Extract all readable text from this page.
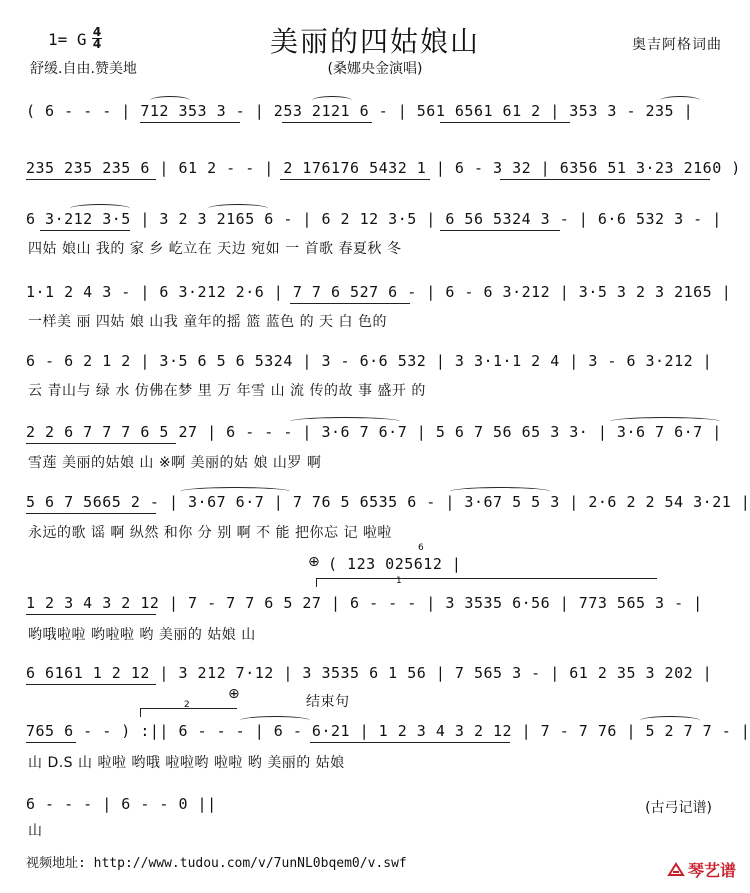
美丽的四姑娘山
1= G 4
4
舒缓.自由.赞美地	(桑娜央金演唱)
奥吉阿格词曲
( 6 - - - | 712 353 3 - | 253 2121 6 - | 561 6561 61 2 | 353 3 - 235 |
235 235 235 6 | 61 2 - - | 2 176176 5432 1 | 6 - 3 32 | 6356 51 3·23 2160 )
6 3·212 3·5 | 3 2 3 2165 6 - | 6 2 12 3·5 | 6 56 5324 3 - | 6·6 532 3 - |
四姑 娘山 我的 家 乡 屹立在 天边 宛如 一 首歌 春夏秋 冬
1·1 2 4 3 - | 6 3·212 2·6 | 7 7 6 527 6 - | 6 - 6 3·212 | 3·5 3 2 3 2165 |
一样美 丽 四姑 娘 山我 童年的摇 篮 蓝色 的 天 白 色的
6 - 6 2 1 2 | 3·5 6 5 6 5324 | 3 - 6·6 532 | 3 3·1·1 2 4 | 3 - 6 3·212 |
云 青山与 绿 水 仿佛在梦 里 万 年雪 山 流 传的故 事 盛开 的
2 2 6 7 7 7 6 5 27 | 6 - - - | 3·6 7 6·7 | 5 6 7 56 65 3 3· | 3·6 7 6·7 |
雪莲 美丽的姑娘 山 ※啊 美丽的姑 娘 山罗 啊
5 6 7 5665 2 - | 3·67 6·7 | 7 76 5 6535 6 - | 3·67 5 5 3 | 2·6 2 2 54 3·21 |
永远的歌 谣 啊 纵然 和你 分 别 啊 不 能 把你忘 记 啦啦
⊕ ( 123 025612 |
6
1
1 2 3 4 3 2 12 | 7 - 7 7 6 5 27 | 6 - - - | 3 3535 6·56 | 773 565 3 - |
哟哦啦啦 哟啦啦 哟 美丽的 姑娘 山
6 6161 1 2 12 | 3 212 7·12 | 3 3535 6 1 56 | 7 565 3 - | 61 2 35 3 202 |
⊕	结束句
2
765 6 - - ) :|| 6 - - - | 6 - 6·21 | 1 2 3 4 3 2 12 | 7 - 7 76 | 5 2 7 7 - |
山 D.S 山 啦啦 哟哦 啦啦哟 啦啦 哟 美丽的 姑娘
6 - - - | 6 - - 0 ||
山
(古弓记谱)
视频地址: http://www.tudou.com/v/7unNL0bqem0/v.swf	琴艺谱
